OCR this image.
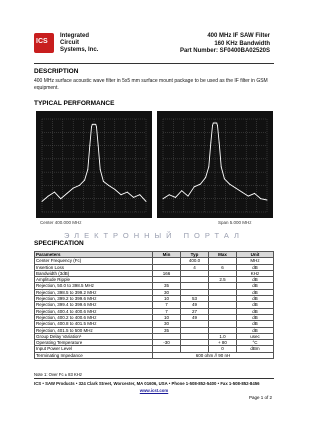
ICS
Integrated
Circuit
Systems, Inc.
400 MHz IF SAW Filter
160 KHz Bandwidth
Part Number: SF0400BA02520S
DESCRIPTION
400 MHz surface acoustic wave filter in 5x5 mm surface mount package to be used as the IF filter in GSM equipment.
TYPICAL PERFORMANCE
Center 400.000 MHz	Span 5.000 MHz
ЭЛЕКТРОННЫЙ ПОРТАЛ
SPECIFICATION
Parameters	Min	Typ	Max	Unit
Center Frequency (Fc)		400.0		MHz
Insertion Loss		4	6	dB
Bandwidth (3dB)	166			KHz
Amplitude Ripple			2.5	dB
Rejection, 50.0 to 398.5 MHz	35			dB
Rejection, 398.5 to 399.2 MHz	30			dB
Rejection, 399.2 to 399.6 MHz	10	53		dB
Rejection, 399.4 to 399.6 MHz	7	49		dB
Rejection, 400.4 to 400.6 MHz	7	27		dB
Rejection, 400.2 to 400.6 MHz	10	49		dB
Rejection, 400.8 to 401.5 MHz	30			dB
Rejection, 401.5 to 500 MHz	35			dB
Group Delay Variation¹			1.0	usec
Operating Temperature	-30		+ 80	°C
Input Power Level			0	dBm
Terminating Impedance	600 ohm // 90 nH			
Note 1: Over Fc ± 83 KHz
ICS • SAW Products • 324 Clark Street, Worcester, MA 01606, USA • Phone 1-508-852-5400 • Fax 1-508-852-8456
www.icst.com
Page 1 of 2
